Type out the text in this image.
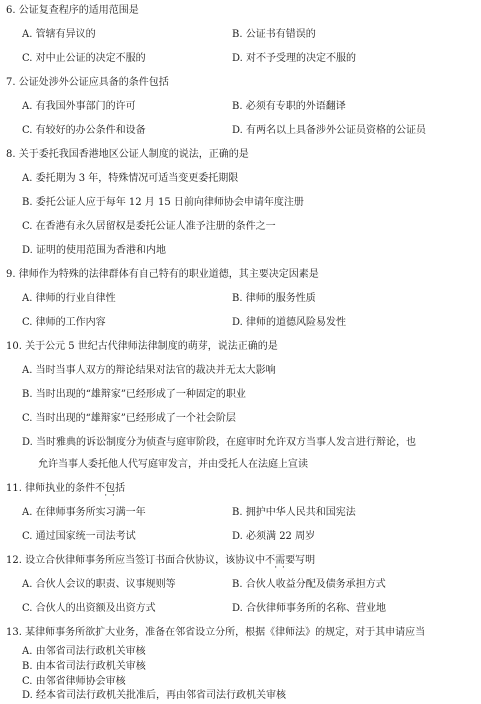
6. 公证复查程序的适用范围是
A. 管辖有异议的	B. 公证书有错误的
C. 对中止公证的决定不服的	D. 对不予受理的决定不服的
7. 公证处涉外公证应具备的条件包括
A. 有我国外事部门的许可	B. 必须有专职的外语翻译
C. 有较好的办公条件和设备	D. 有两名以上具备涉外公证员资格的公证员
8. 关于委托我国香港地区公证人制度的说法，正确的是
A. 委托期为 3 年，特殊情况可适当变更委托期限
B. 委托公证人应于每年 12 月 15 日前向律师协会申请年度注册
C. 在香港有永久居留权是委托公证人准予注册的条件之一
D. 证明的使用范围为香港和内地
9. 律师作为特殊的法律群体有自己特有的职业道德，其主要决定因素是
A. 律师的行业自律性	B. 律师的服务性质
C. 律师的工作内容	D. 律师的道德风险易发性
10. 关于公元 5 世纪古代律师法律制度的萌芽，说法正确的是
A. 当时当事人双方的辩论结果对法官的裁决并无太大影响
B. 当时出现的“雄辩家”已经形成了一种固定的职业
C. 当时出现的“雄辩家”已经形成了一个社会阶层
D. 当时雅典的诉讼制度分为侦查与庭审阶段，在庭审时允许双方当事人发言进行辩论，也
允许当事人委托他人代写庭审发言，并由受托人在法庭上宣读
11. 律师执业的条件不包括 · ·
A. 在律师事务所实习满一年	B. 拥护中华人民共和国宪法
C. 通过国家统一司法考试	D. 必须满 22 周岁
12. 设立合伙律师事务所应当签订书面合伙协议，该协议中不需要 · ·写明
A. 合伙人会议的职责、议事规则等	B. 合伙人收益分配及债务承担方式
C. 合伙人的出资额及出资方式	D. 合伙律师事务所的名称、营业地
13. 某律师事务所欲扩大业务，准备在邻省设立分所，根据《律师法》的规定，对于其申请应当
A. 由邻省司法行政机关审核
B. 由本省司法行政机关审核
C. 由邻省律师协会审核
D. 经本省司法行政机关批准后，再由邻省司法行政机关审核
